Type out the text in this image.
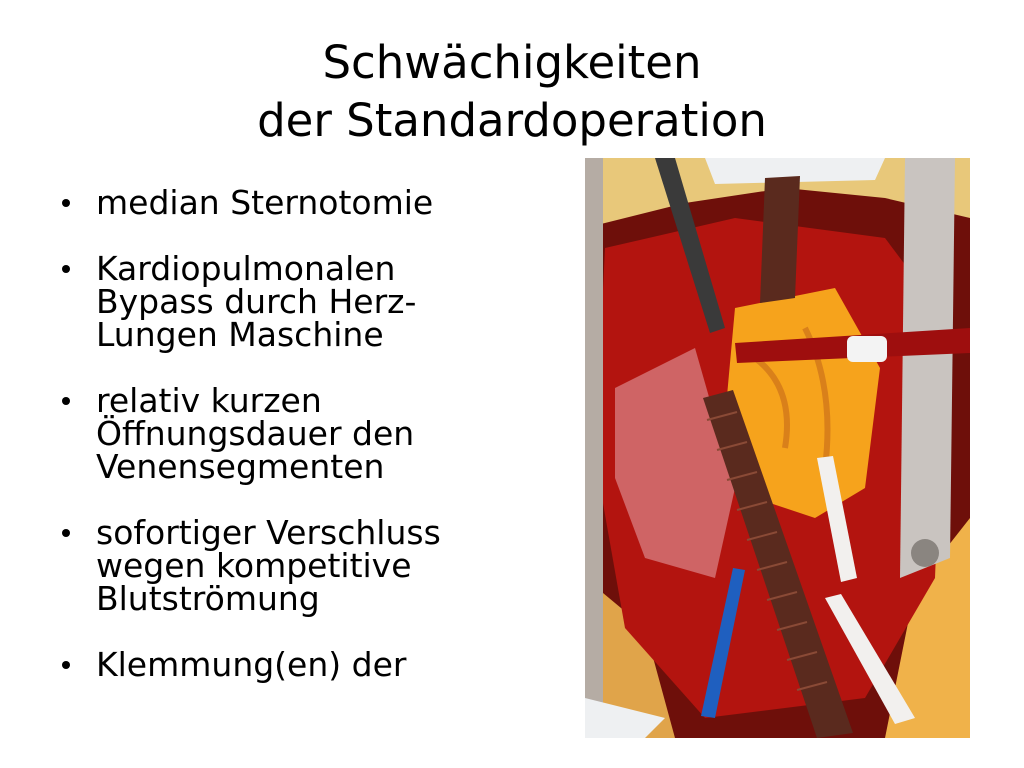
Schwächigkeiten
der Standardoperation
median Sternotomie
Kardiopulmonalen
Bypass durch Herz-
Lungen Maschine
relativ kurzen
Öffnungsdauer den
Venensegmenten
sofortiger Verschluss
wegen kompetitive
Blutströmung
Klemmung(en) der
